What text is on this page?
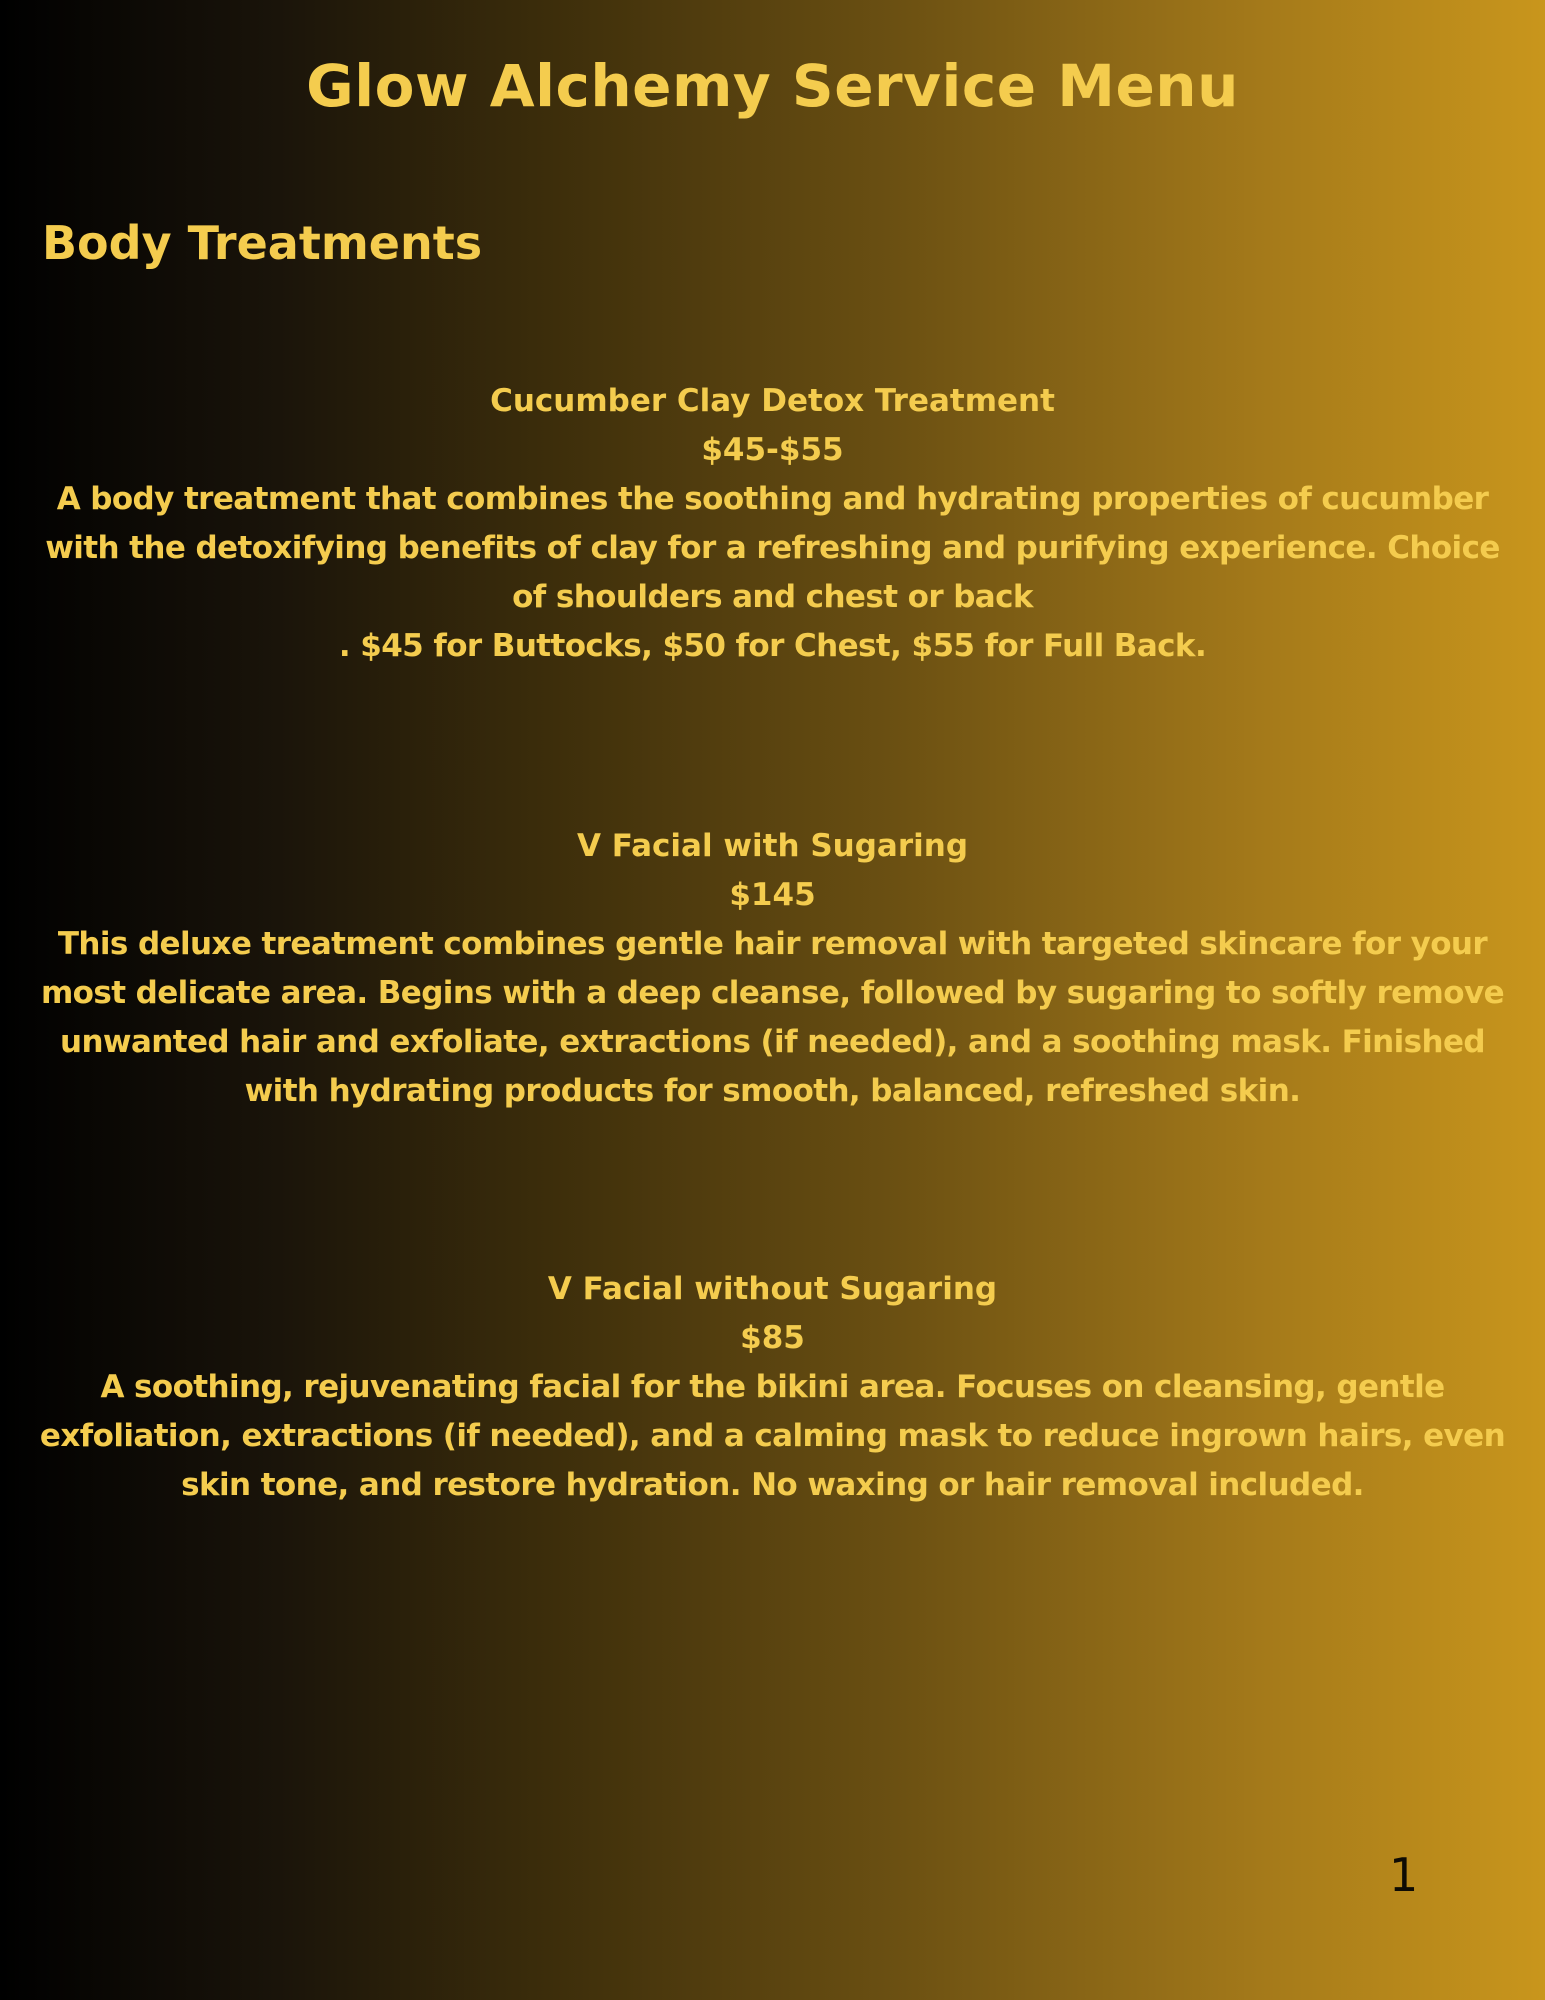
Glow Alchemy Service Menu
Body Treatments

Cucumber Clay Detox Treatment

$45-$55

A body treatment that combines the soothing and hydrating properties of cucumber

with the detoxifying benefits of clay for a refreshing and purifying experience. Choice

of shoulders and chest or back

. $45 for Buttocks, $50 for Chest, $55 for Full Back.

V Facial with Sugaring

$145

This deluxe treatment combines gentle hair removal with targeted skincare for your

most delicate area. Begins with a deep cleanse, followed by sugaring to softly remove

unwanted hair and exfoliate, extractions (if needed), and a soothing mask. Finished

with hydrating products for smooth, balanced, refreshed skin.

V Facial without Sugaring

$85

A soothing, rejuvenating facial for the bikini area. Focuses on cleansing, gentle

exfoliation, extractions (if needed), and a calming mask to reduce ingrown hairs, even

skin tone, and restore hydration. No waxing or hair removal included.

1
